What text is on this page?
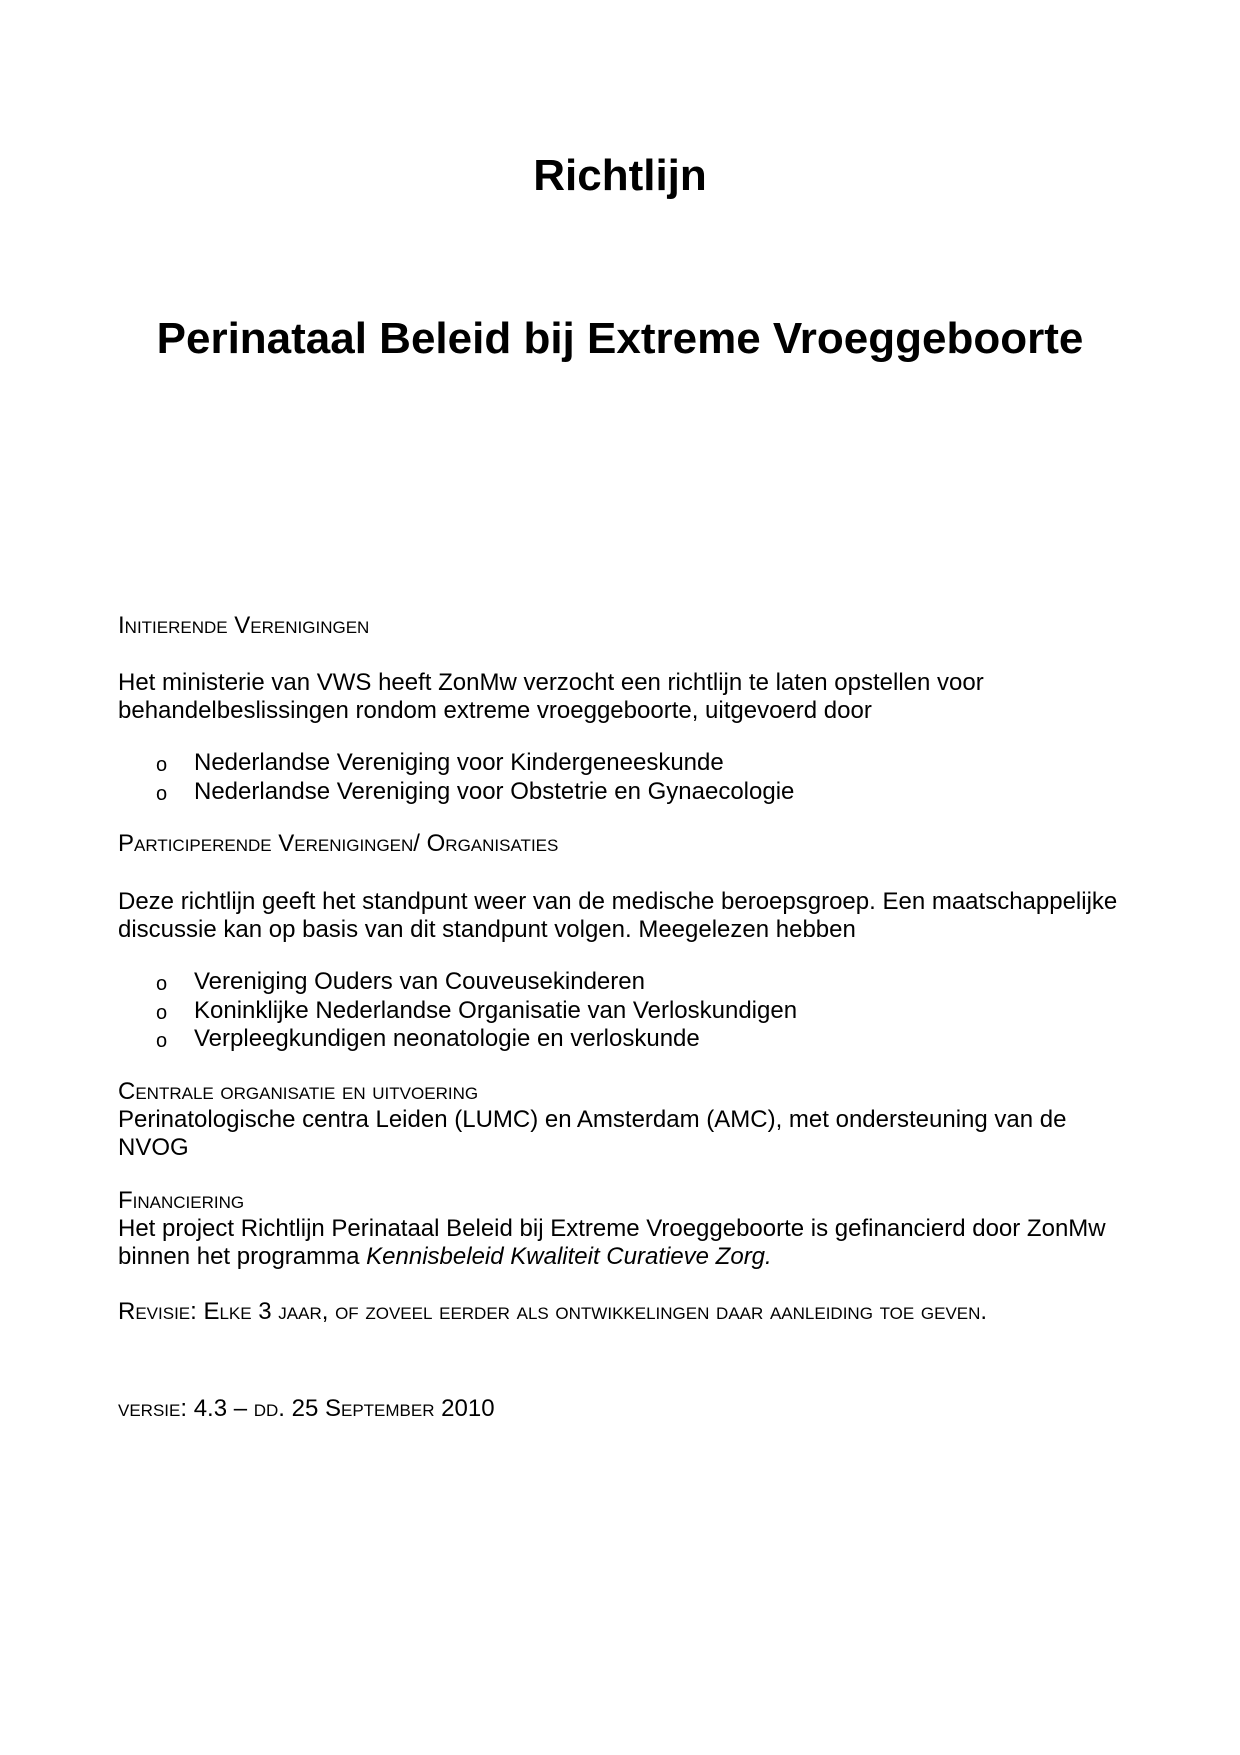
Richtlijn
Perinataal Beleid bij Extreme Vroeggeboorte

Initierende Verenigingen

Het ministerie van VWS heeft ZonMw verzocht een richtlijn te laten opstellen voor behandelbeslissingen rondom extreme vroeggeboorte, uitgevoerd door

o Nederlandse Vereniging voor Kindergeneeskunde
o Nederlandse Vereniging voor Obstetrie en Gynaecologie

Participerende Verenigingen/ Organisaties

Deze richtlijn geeft het standpunt weer van de medische beroepsgroep. Een maatschappelijke discussie kan op basis van dit standpunt volgen. Meegelezen hebben

o Vereniging Ouders van Couveusekinderen
o Koninklijke Nederlandse Organisatie van Verloskundigen
o Verpleegkundigen neonatologie en verloskunde

Centrale organisatie en uitvoering

Perinatologische centra Leiden (LUMC) en Amsterdam (AMC), met ondersteuning van de NVOG

Financiering

Het project Richtlijn Perinataal Beleid bij Extreme Vroeggeboorte is gefinancierd door ZonMw binnen het programma Kennisbeleid Kwaliteit Curatieve Zorg.

Revisie: Elke 3 jaar, of zoveel eerder als ontwikkelingen daar aanleiding toe geven.

versie: 4.3 – dd. 25 September 2010
